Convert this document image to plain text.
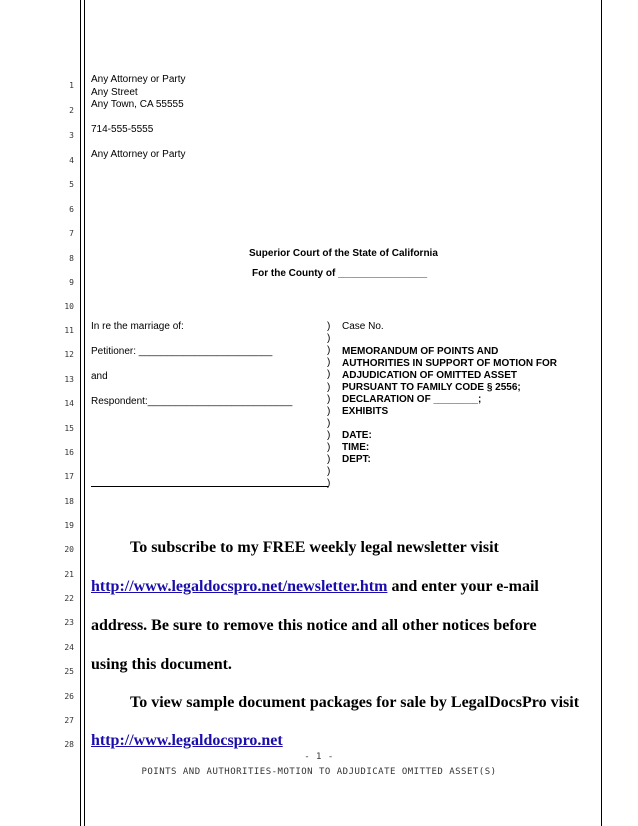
1
2
3
4
5
6
7
8
9
10
11
12
13
14
15
16
17
18
19
20
21
22
23
24
25
26
27
28
Any Attorney or Party
Any Street
Any Town, CA 55555
714-555-5555
Any Attorney or Party
Superior Court of the State of California
For the County of ________________
In re the marriage of:
Petitioner: ________________________
and
Respondent:__________________________
)
)
)
)
)
)
)
)
)
)
)
)
)
)
Case No.
MEMORANDUM OF POINTS AND
AUTHORITIES IN SUPPORT OF MOTION FOR
ADJUDICATION OF OMITTED ASSET
PURSUANT TO FAMILY CODE § 2556;
DECLARATION OF ________;
EXHIBITS
DATE:
TIME:
DEPT:
To subscribe to my FREE weekly legal newsletter visit
http://www.legaldocspro.net/newsletter.htm and enter your e-mail
address. Be sure to remove this notice and all other notices before
using this document.
To view sample document packages for sale by LegalDocsPro visit
http://www.legaldocspro.net
- 1 -
POINTS AND AUTHORITIES-MOTION TO ADJUDICATE OMITTED ASSET(S)
